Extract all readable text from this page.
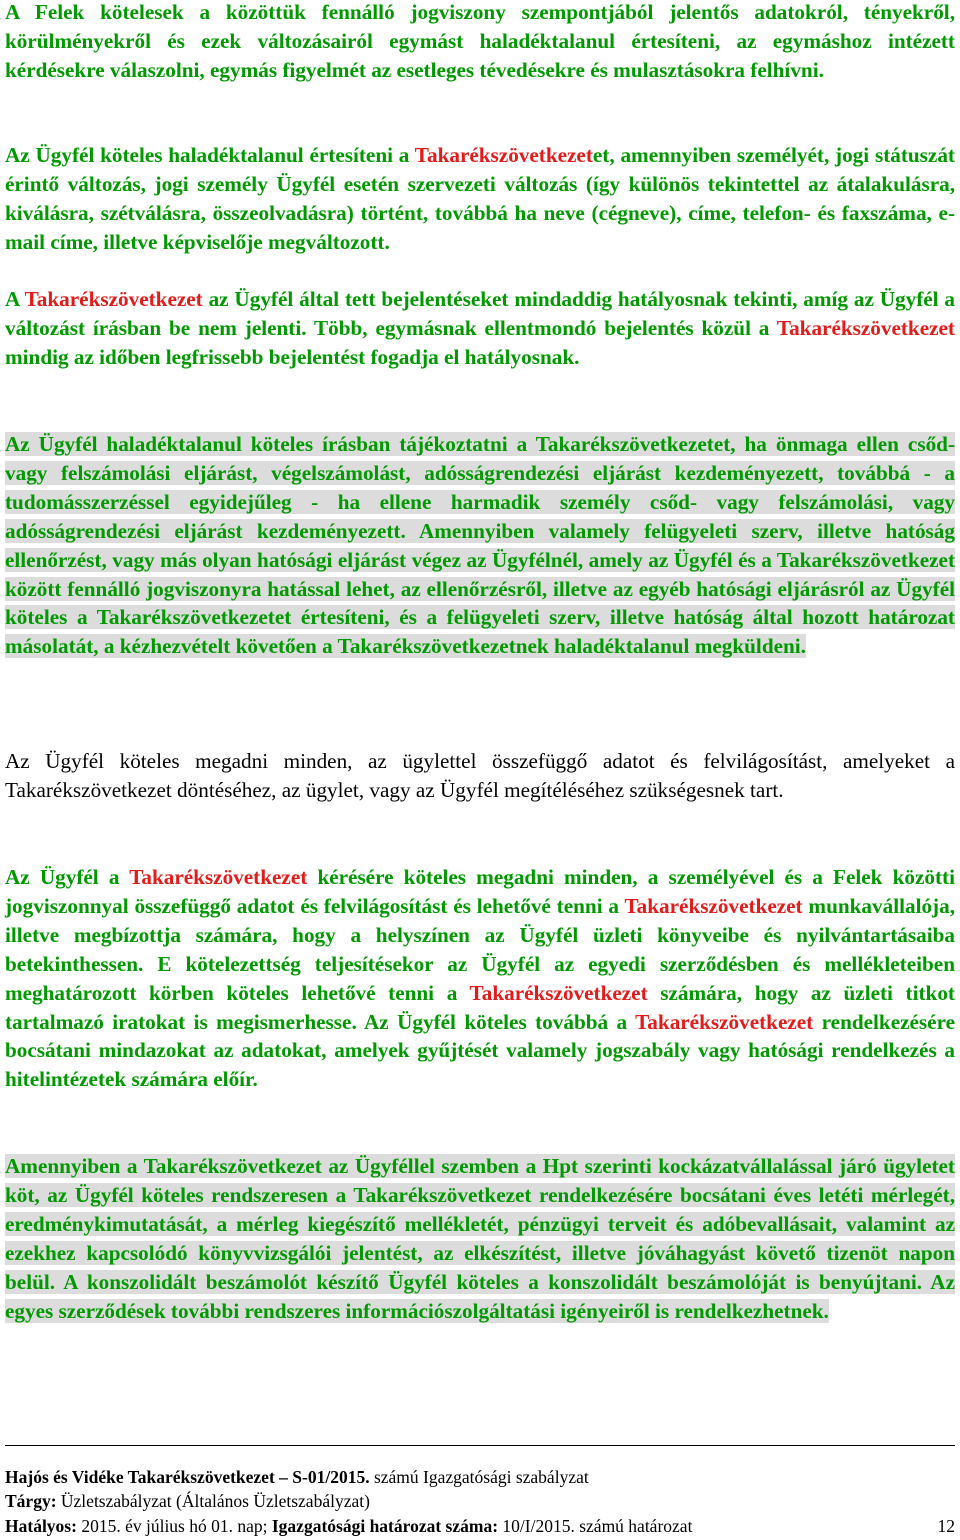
A Felek kötelesek a közöttük fennálló jogviszony szempontjából jelentős adatokról, tényekről, körülményekről és ezek változásairól egymást haladéktalanul értesíteni, az egymáshoz intézett kérdésekre válaszolni, egymás figyelmét az esetleges tévedésekre és mulasztásokra felhívni.

Az Ügyfél köteles haladéktalanul értesíteni a Takarékszövetkezetet, amennyiben személyét, jogi státuszát érintő változás, jogi személy Ügyfél esetén szervezeti változás (így különös tekintettel az átalakulásra, kiválásra, szétválásra, összeolvadásra) történt, továbbá ha neve (cégneve), címe, telefon- és faxszáma, e-mail címe, illetve képviselője megváltozott.

A Takarékszövetkezet az Ügyfél által tett bejelentéseket mindaddig hatályosnak tekinti, amíg az Ügyfél a változást írásban be nem jelenti. Több, egymásnak ellentmondó bejelentés közül a Takarékszövetkezet mindig az időben legfrissebb bejelentést fogadja el hatályosnak.

Az Ügyfél haladéktalanul köteles írásban tájékoztatni a Takarékszövetkezetet, ha önmaga ellen csőd- vagy felszámolási eljárást, végelszámolást, adósságrendezési eljárást kezdeményezett, továbbá - a tudomásszerzéssel egyidejűleg - ha ellene harmadik személy csőd- vagy felszámolási, vagy adósságrendezési eljárást kezdeményezett. Amennyiben valamely felügyeleti szerv, illetve hatóság ellenőrzést, vagy más olyan hatósági eljárást végez az Ügyfélnél, amely az Ügyfél és a Takarékszövetkezet között fennálló jogviszonyra hatással lehet, az ellenőrzésről, illetve az egyéb hatósági eljárásról az Ügyfél köteles a Takarékszövetkezetet értesíteni, és a felügyeleti szerv, illetve hatóság által hozott határozat másolatát, a kézhezvételt követően a Takarékszövetkezetnek haladéktalanul megküldeni.

Az Ügyfél köteles megadni minden, az ügylettel összefüggő adatot és felvilágosítást, amelyeket a Takarékszövetkezet döntéséhez, az ügylet, vagy az Ügyfél megítéléséhez szükségesnek tart.

Az Ügyfél a Takarékszövetkezet kérésére köteles megadni minden, a személyével és a Felek közötti jogviszonnyal összefüggő adatot és felvilágosítást és lehetővé tenni a Takarékszövetkezet munkavállalója, illetve megbízottja számára, hogy a helyszínen az Ügyfél üzleti könyveibe és nyilvántartásaiba betekinthessen. E kötelezettség teljesítésekor az Ügyfél az egyedi szerződésben és mellékleteiben meghatározott körben köteles lehetővé tenni a Takarékszövetkezet számára, hogy az üzleti titkot tartalmazó iratokat is megismerhesse. Az Ügyfél köteles továbbá a Takarékszövetkezet rendelkezésére bocsátani mindazokat az adatokat, amelyek gyűjtését valamely jogszabály vagy hatósági rendelkezés a hitelintézetek számára előír.

Amennyiben a Takarékszövetkezet az Ügyféllel szemben a Hpt szerinti kockázatvállalással járó ügyletet köt, az Ügyfél köteles rendszeresen a Takarékszövetkezet rendelkezésére bocsátani éves letéti mérlegét, eredménykimutatását, a mérleg kiegészítő mellékletét, pénzügyi terveit és adóbevallásait, valamint az ezekhez kapcsolódó könyvvizsgálói jelentést, az elkészítést, illetve jóváhagyást követő tizenöt napon belül. A konszolidált beszámolót készítő Ügyfél köteles a konszolidált beszámolóját is benyújtani. Az egyes szerződések további rendszeres információszolgáltatási igényeiről is rendelkezhetnek.

Hajós és Vidéke Takarékszövetkezet – S-01/2015. számú Igazgatósági szabályzat
Tárgy: Üzletszabályzat (Általános Üzletszabályzat)
Hatályos: 2015. év július hó 01. nap; Igazgatósági határozat száma: 10/I/2015. számú határozat	12
